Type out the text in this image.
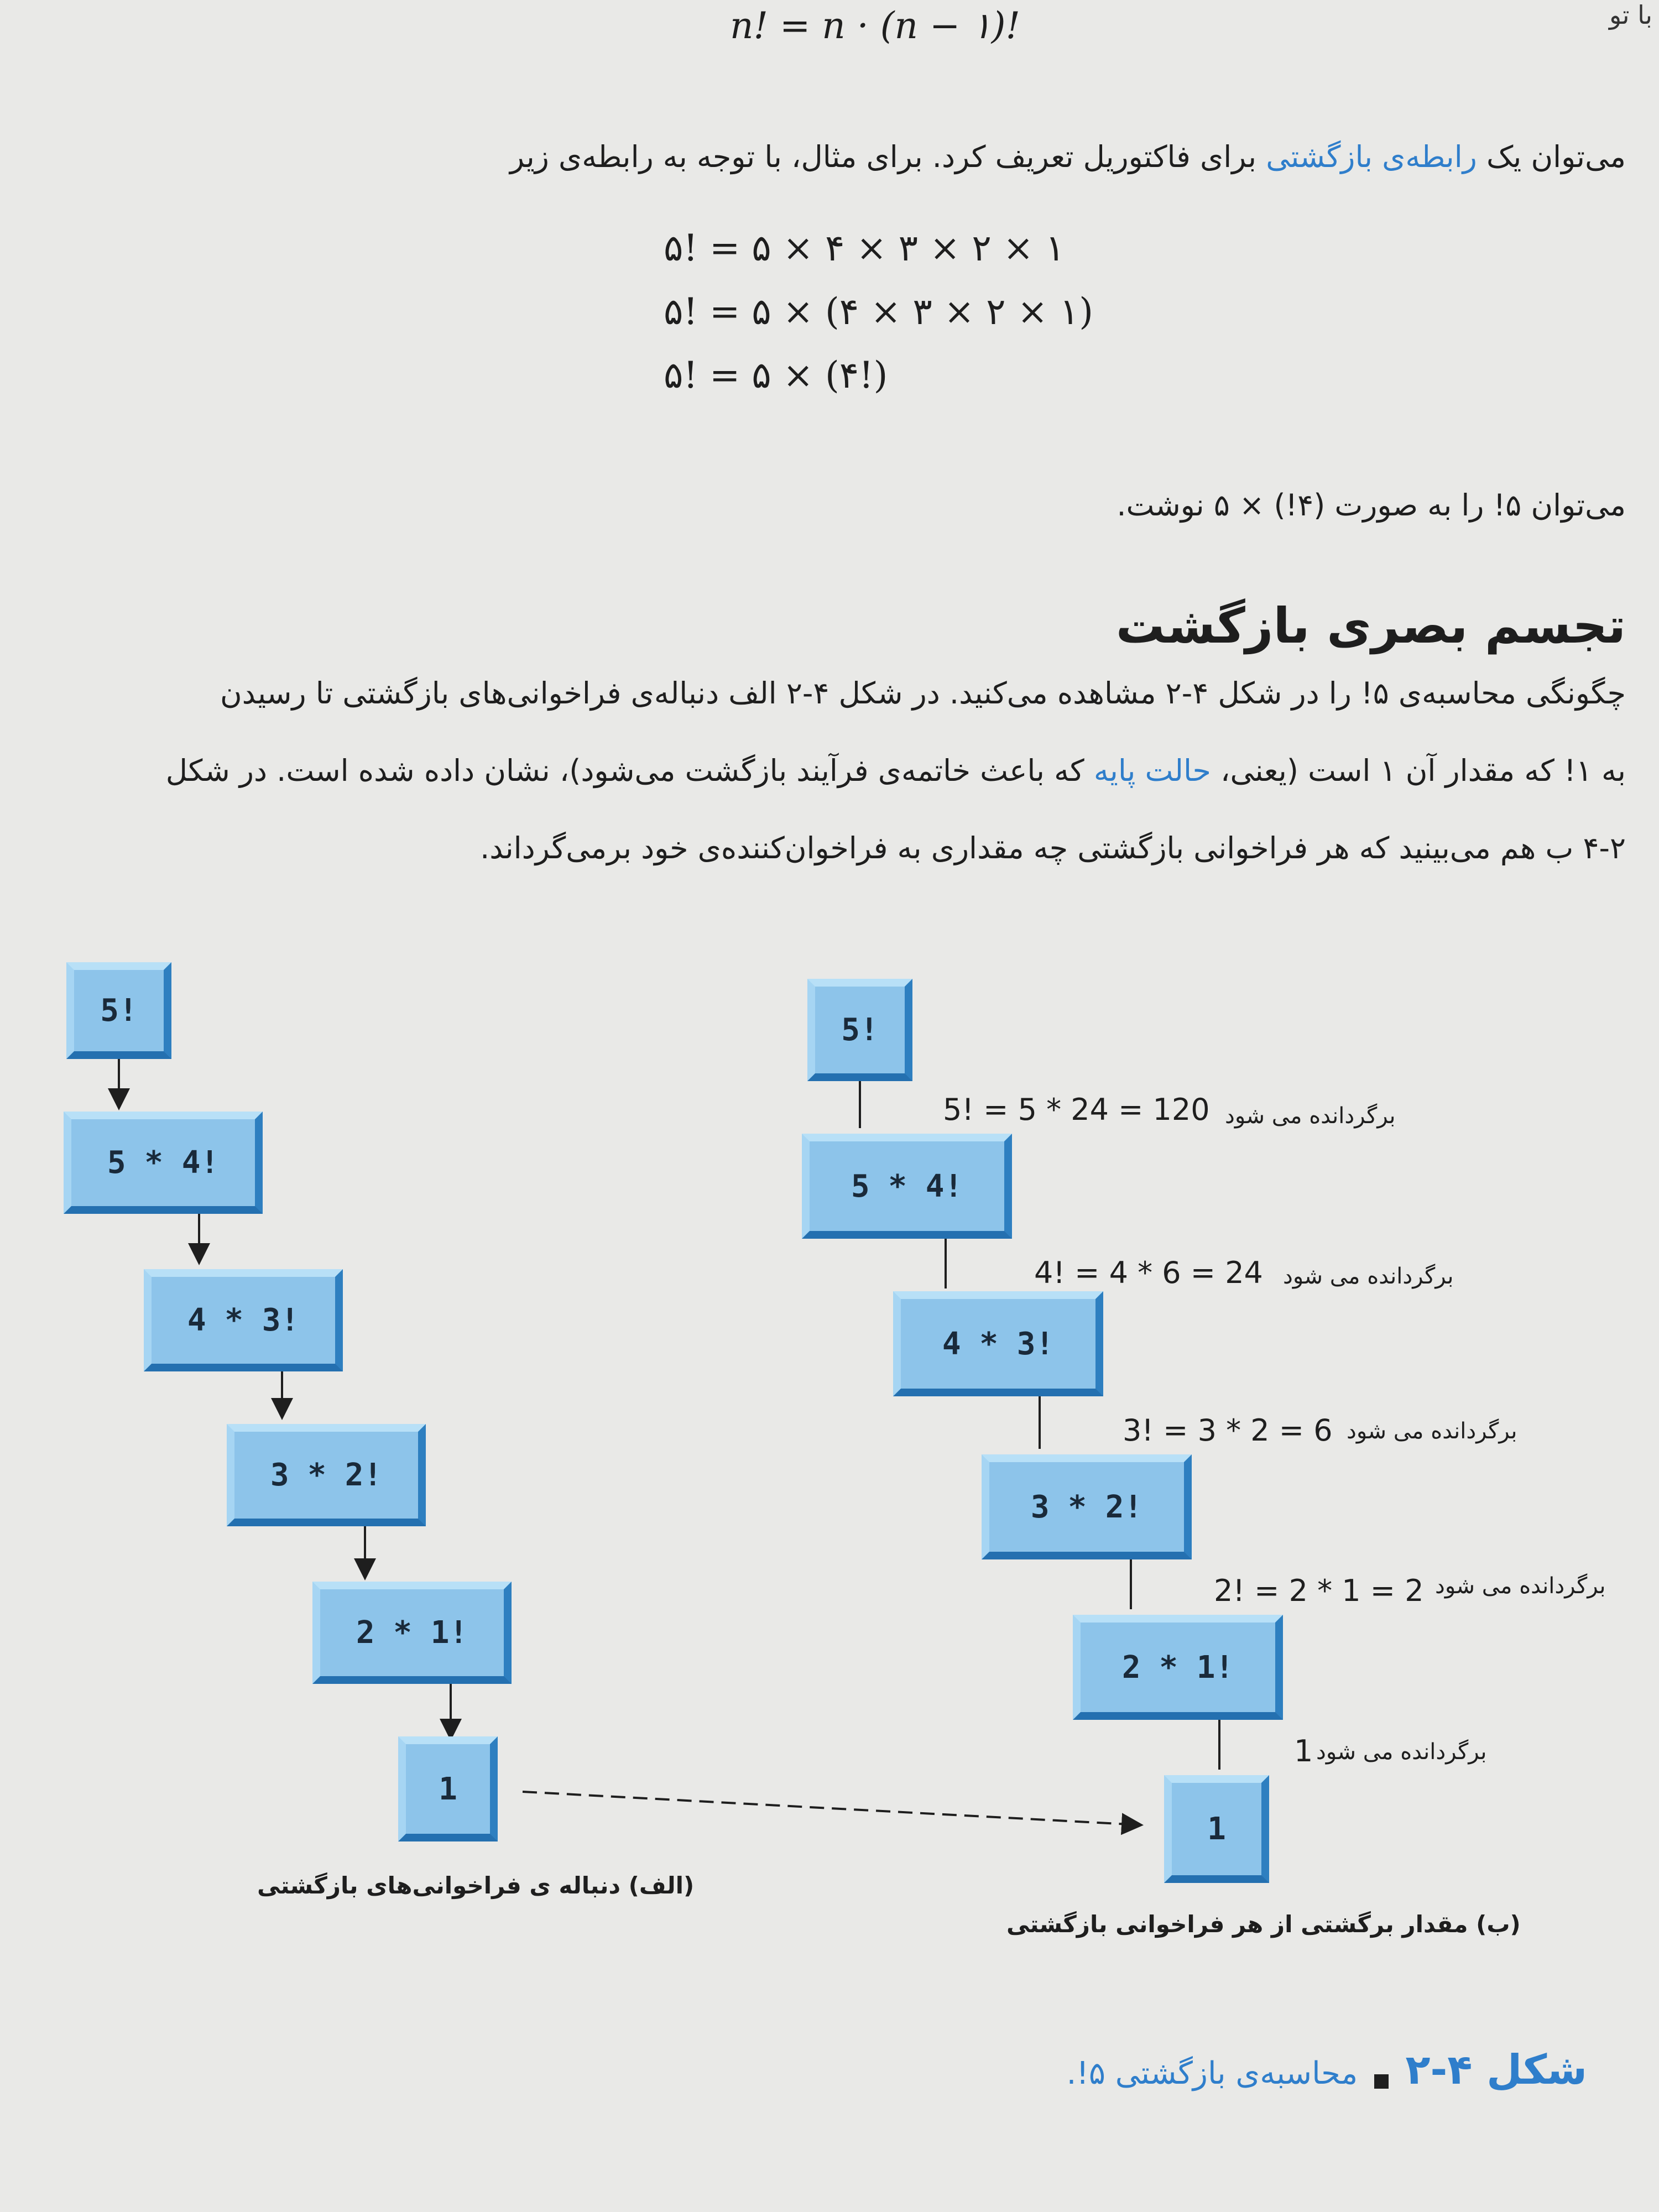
با تو
n! = n · (n − ۱)!
می‌توان یک رابطه‌ی بازگشتی برای فاکتوریل تعریف کرد. برای مثال، با توجه به رابطه‌ی زیر
۵! = ۵ × ۴ × ۳ × ۲ × ۱
۵! = ۵ × (۴ × ۳ × ۲ × ۱)
۵! = ۵ × (۴!)
می‌توان ۵! را به صورت (۴!) × ۵ نوشت.
تجسم بصری بازگشت
چگونگی محاسبه‌ی ۵! را در شکل ۴-۲ مشاهده می‌کنید. در شکل ۴-۲ الف دنباله‌ی فراخوانی‌های بازگشتی تا رسیدن
به ۱! که مقدار آن ۱ است (یعنی، حالت پایه که باعث خاتمه‌ی فرآیند بازگشت می‌شود)، نشان داده شده است. در شکل
۴-۲ ب هم می‌بینید که هر فراخوانی بازگشتی چه مقداری به فراخوان‌کننده‌ی خود برمی‌گرداند.
5!
5 * 4!
4 * 3!
3 * 2!
2 * 1!
1
5!
5 * 4!
4 * 3!
3 * 2!
2 * 1!
1
5! = 5 * 24 = 120 برگردانده می شود
4! = 4 * 6 = 24 برگردانده می شود
3! = 3 * 2 = 6 برگردانده می شود
2! = 2 * 1 = 2 برگردانده می شود
1 برگردانده می شود
(الف) دنباله ی فراخوانی‌های بازگشتی
(ب) مقدار برگشتی از هر فراخوانی بازگشتی
شکل ۴-۲محاسبه‌ی بازگشتی ۵!.
